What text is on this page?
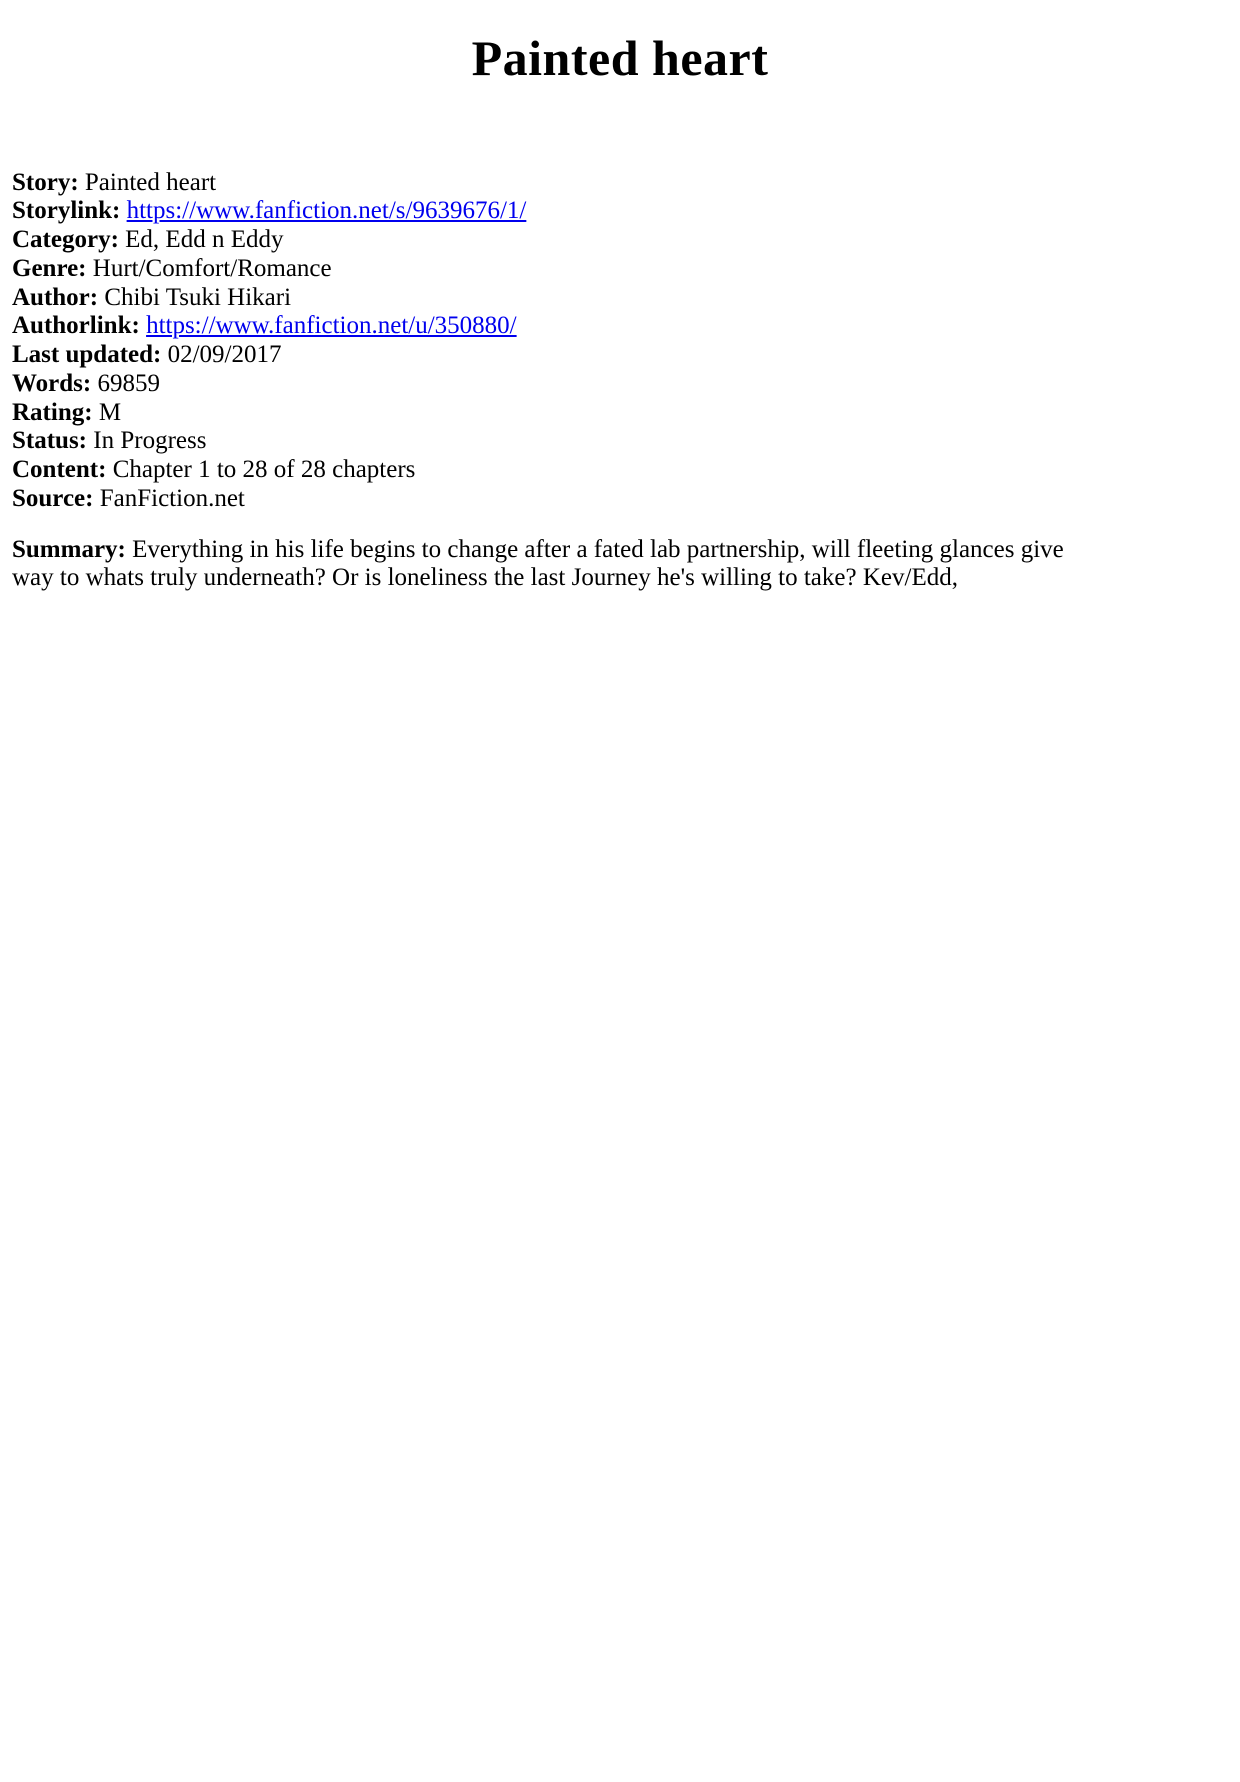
Painted heart
Story: Painted heart
Storylink: https://www.fanfiction.net/s/9639676/1/
Category: Ed, Edd n Eddy
Genre: Hurt/Comfort/Romance
Author: Chibi Tsuki Hikari
Authorlink: https://www.fanfiction.net/u/350880/
Last updated: 02/09/2017
Words: 69859
Rating: M
Status: In Progress
Content: Chapter 1 to 28 of 28 chapters
Source: FanFiction.net

Summary: Everything in his life begins to change after a fated lab partnership, will fleeting glances give way to whats truly underneath? Or is loneliness the last Journey he's willing to take? Kev/Edd,
